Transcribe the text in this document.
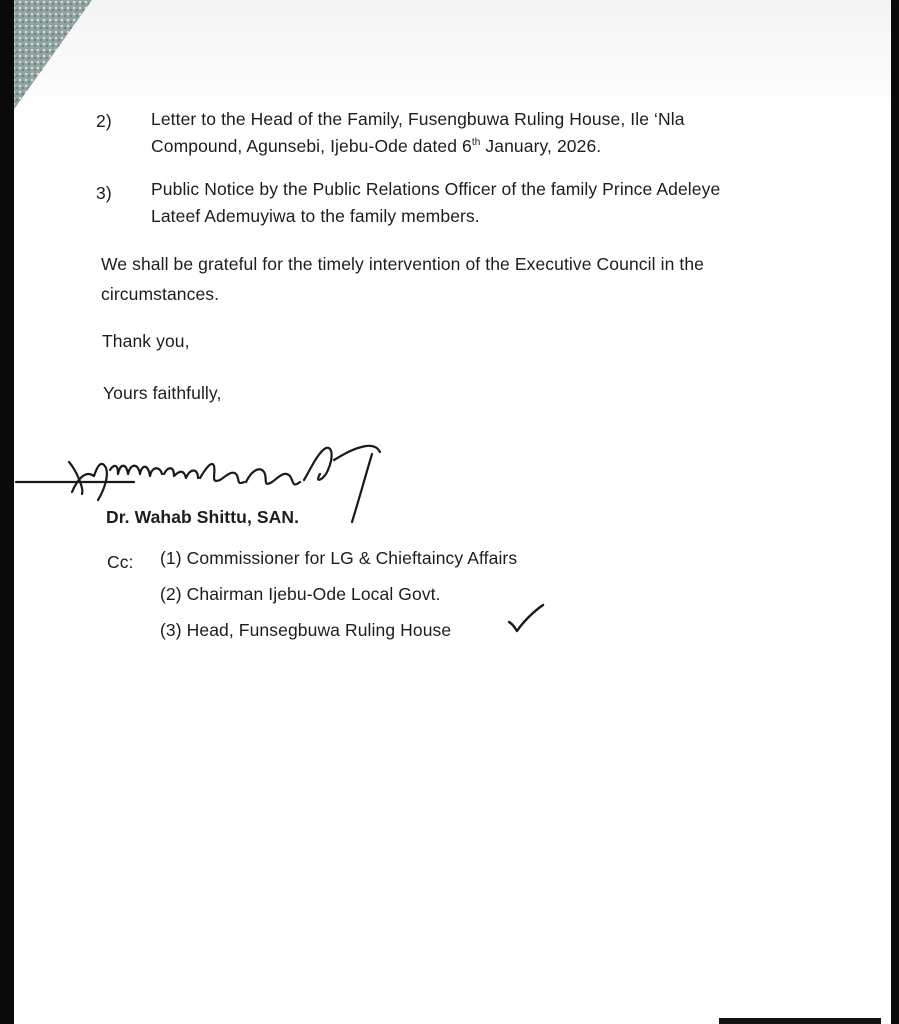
2) Letter to the Head of the Family, Fusengbuwa Ruling House, Ile ‘Nla
Compound, Agunsebi, Ijebu-Ode dated 6th January, 2026.
3) Public Notice by the Public Relations Officer of the family Prince Adeleye
Lateef Ademuyiwa to the family members.
We shall be grateful for the timely intervention of the Executive Council in the
circumstances.
Thank you,
Yours faithfully,
Dr. Wahab Shittu, SAN.
Cc: (1) Commissioner for LG & Chieftaincy Affairs
(2) Chairman Ijebu-Ode Local Govt.
(3) Head, Funsegbuwa Ruling House
